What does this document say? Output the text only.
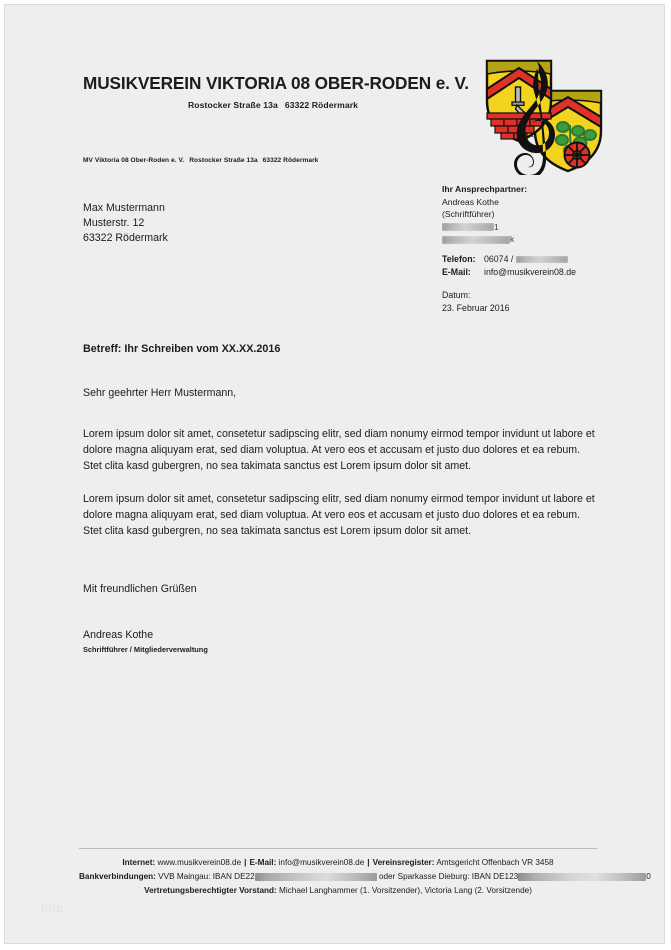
MUSIKVEREIN VIKTORIA 08 OBER-RODEN e. V.
Rostocker Straße 13a 63322 Rödermark
MV Viktoria 08 Ober-Roden e. V. Rostocker Straße 13a 63322 Rödermark
Max Mustermann
Musterstr. 12
63322 Rödermark
Ihr Ansprechpartner:
Andreas Kothe
(Schriftführer)
1
k
Telefon: 06074 /
E-Mail:	info@musikverein08.de
Datum:
23. Februar 2016
Betreff: Ihr Schreiben vom XX.XX.2016
Sehr geehrter Herr Mustermann,

Lorem ipsum dolor sit amet, consetetur sadipscing elitr, sed diam nonumy eirmod tempor invidunt ut labore et dolore magna aliquyam erat, sed diam voluptua. At vero eos et accusam et justo duo dolores et ea rebum. Stet clita kasd gubergren, no sea takimata sanctus est Lorem ipsum dolor sit amet.

Lorem ipsum dolor sit amet, consetetur sadipscing elitr, sed diam nonumy eirmod tempor invidunt ut labore et dolore magna aliquyam erat, sed diam voluptua. At vero eos et accusam et justo duo dolores et ea rebum. Stet clita kasd gubergren, no sea takimata sanctus est Lorem ipsum dolor sit amet.

Mit freundlichen Grüßen
Andreas Kothe
Schriftführer / Mitgliederverwaltung
http
Internet: www.musikverein08.de | E-Mail: info@musikverein08.de | Vereinsregister: Amtsgericht Offenbach VR 3458
Bankverbindungen: VVB Maingau: IBAN DE22	oder Sparkasse Dieburg: IBAN DE123	0
Vertretungsberechtigter Vorstand: Michael Langhammer (1. Vorsitzender), Victoria Lang (2. Vorsitzende)
